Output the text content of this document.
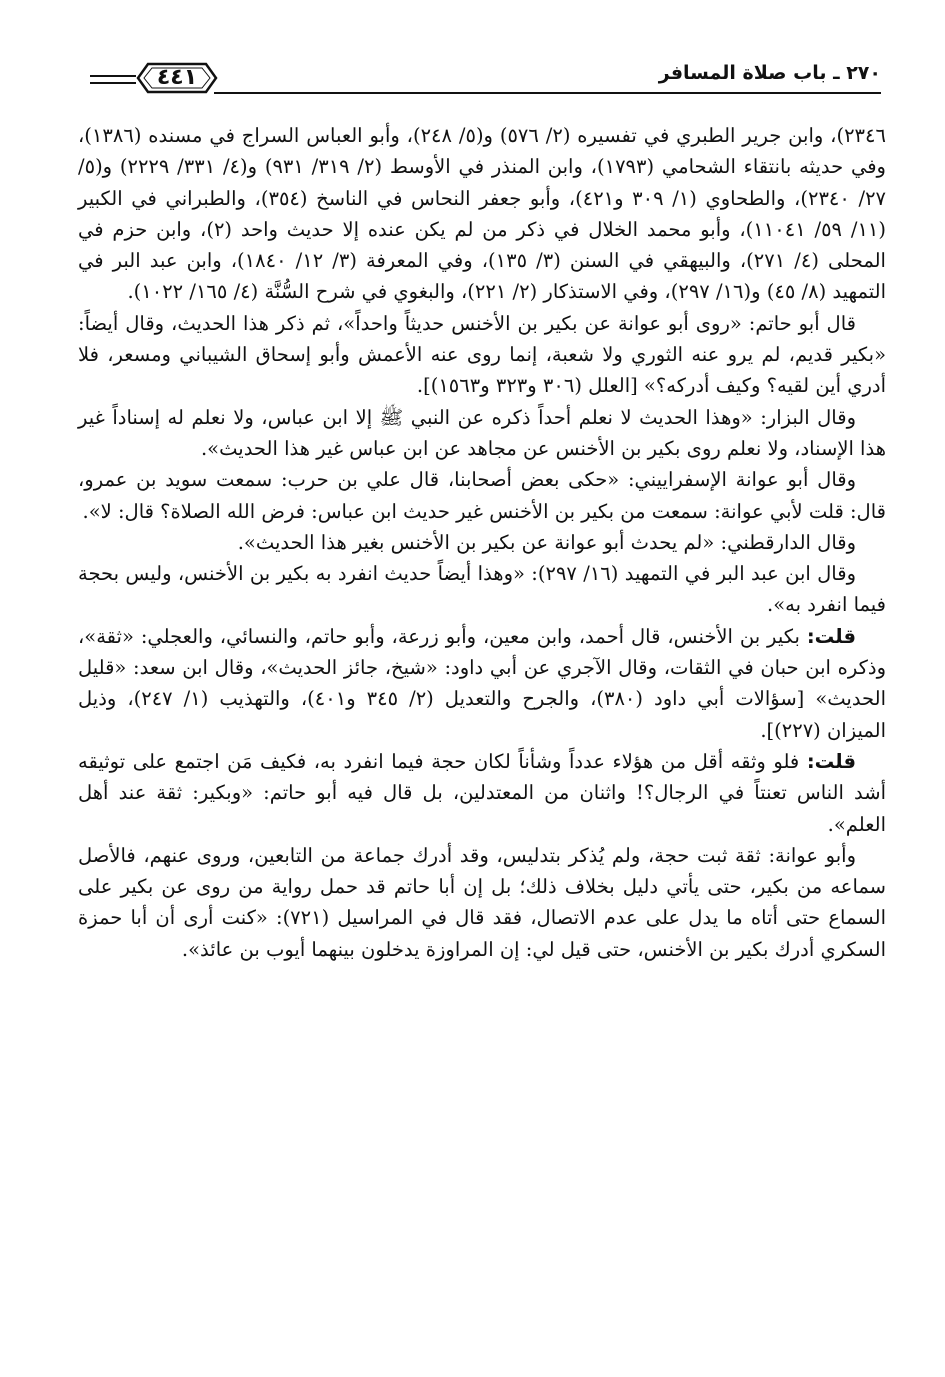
٢٧٠ ـ باب صلاة المسافر
٤٤١

٢٣٤٦)، وابن جرير الطبري في تفسيره (٢/ ٥٧٦) و(٥/ ٢٤٨)، وأبو العباس السراج في مسنده (١٣٨٦)، وفي حديثه بانتقاء الشحامي (١٧٩٣)، وابن المنذر في الأوسط (٢/ ٣١٩/ ٩٣١) و(٤/ ٣٣١/ ٢٢٢٩) و(٥/ ٢٧/ ٢٣٤٠)، والطحاوي (١/ ٣٠٩ و٤٢١)، وأبو جعفر النحاس في الناسخ (٣٥٤)، والطبراني في الكبير (١١/ ٥٩/ ١١٠٤١)، وأبو محمد الخلال في ذكر من لم يكن عنده إلا حديث واحد (٢)، وابن حزم في المحلى (٤/ ٢٧١)، والبيهقي في السنن (٣/ ١٣٥)، وفي المعرفة (٣/ ١٢/ ١٨٤٠)، وابن عبد البر في التمهيد (٨/ ٤٥) و(١٦/ ٢٩٧)، وفي الاستذكار (٢/ ٢٢١)، والبغوي في شرح السُّنَّة (٤/ ١٦٥/ ١٠٢٢).

قال أبو حاتم: «روى أبو عوانة عن بكير بن الأخنس حديثاً واحداً»، ثم ذكر هذا الحديث، وقال أيضاً: «بكير قديم، لم يرو عنه الثوري ولا شعبة، إنما روى عنه الأعمش وأبو إسحاق الشيباني ومسعر، فلا أدري أين لقيه؟ وكيف أدركه؟» [العلل (٣٠٦ و٣٢٣ و١٥٦٣)].

وقال البزار: «وهذا الحديث لا نعلم أحداً ذكره عن النبي ﷺ إلا ابن عباس، ولا نعلم له إسناداً غير هذا الإسناد، ولا نعلم روى بكير بن الأخنس عن مجاهد عن ابن عباس غير هذا الحديث».

وقال أبو عوانة الإسفراييني: «حكى بعض أصحابنا، قال علي بن حرب: سمعت سويد بن عمرو، قال: قلت لأبي عوانة: سمعت من بكير بن الأخنس غير حديث ابن عباس: فرض الله الصلاة؟ قال: لا».

وقال الدارقطني: «لم يحدث أبو عوانة عن بكير بن الأخنس بغير هذا الحديث».

وقال ابن عبد البر في التمهيد (١٦/ ٢٩٧): «وهذا أيضاً حديث انفرد به بكير بن الأخنس، وليس بحجة فيما انفرد به».

قلت: بكير بن الأخنس، قال أحمد، وابن معين، وأبو زرعة، وأبو حاتم، والنسائي، والعجلي: «ثقة»، وذكره ابن حبان في الثقات، وقال الآجري عن أبي داود: «شيخ، جائز الحديث»، وقال ابن سعد: «قليل الحديث» [سؤالات أبي داود (٣٨٠)، والجرح والتعديل (٢/ ٣٤٥ و٤٠١)، والتهذيب (١/ ٢٤٧)، وذيل الميزان (٢٢٧)].

قلت: فلو وثقه أقل من هؤلاء عدداً وشأناً لكان حجة فيما انفرد به، فكيف مَن اجتمع على توثيقه أشد الناس تعنتاً في الرجال؟! واثنان من المعتدلين، بل قال فيه أبو حاتم: «وبكير: ثقة عند أهل العلم».

وأبو عوانة: ثقة ثبت حجة، ولم يُذكر بتدليس، وقد أدرك جماعة من التابعين، وروى عنهم، فالأصل سماعه من بكير، حتى يأتي دليل بخلاف ذلك؛ بل إن أبا حاتم قد حمل رواية من روى عن بكير على السماع حتى أتاه ما يدل على عدم الاتصال، فقد قال في المراسيل (٧٢١): «كنت أرى أن أبا حمزة السكري أدرك بكير بن الأخنس، حتى قيل لي: إن المراوزة يدخلون بينهما أيوب بن عائذ».
